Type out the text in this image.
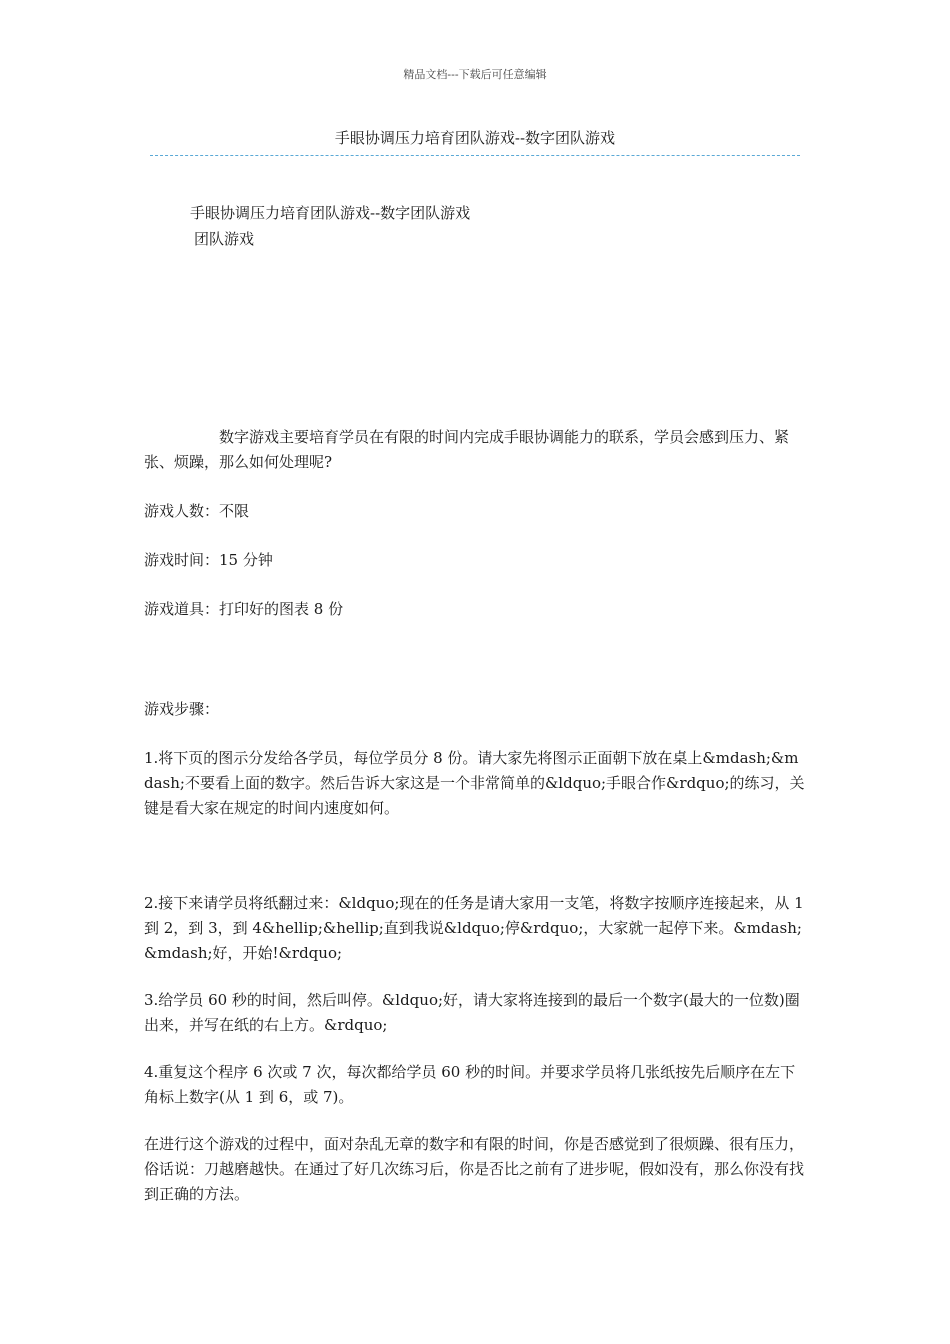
精品文档---下载后可任意编辑
手眼协调压力培育团队游戏--数字团队游戏
手眼协调压力培育团队游戏--数字团队游戏
团队游戏

数字游戏主要培育学员在有限的时间内完成手眼协调能力的联系，学员会感到压力、紧张、烦躁，那么如何处理呢?

游戏人数：不限

游戏时间：15 分钟

游戏道具：打印好的图表 8 份

游戏步骤：

1.将下页的图示分发给各学员，每位学员分 8 份。请大家先将图示正面朝下放在桌上&mdash;&mdash;不要看上面的数字。然后告诉大家这是一个非常简单的&ldquo;手眼合作&rdquo;的练习，关键是看大家在规定的时间内速度如何。

2.接下来请学员将纸翻过来：&ldquo;现在的任务是请大家用一支笔，将数字按顺序连接起来，从 1 到 2，到 3，到 4&hellip;&hellip;直到我说&ldquo;停&rdquo;，大家就一起停下来。&mdash;&mdash;好，开始!&rdquo;

3.给学员 60 秒的时间，然后叫停。&ldquo;好，请大家将连接到的最后一个数字(最大的一位数)圈出来，并写在纸的右上方。&rdquo;

4.重复这个程序 6 次或 7 次，每次都给学员 60 秒的时间。并要求学员将几张纸按先后顺序在左下角标上数字(从 1 到 6，或 7)。

在进行这个游戏的过程中，面对杂乱无章的数字和有限的时间，你是否感觉到了很烦躁、很有压力，俗话说：刀越磨越快。在通过了好几次练习后，你是否比之前有了进步呢，假如没有，那么你没有找到正确的方法。
